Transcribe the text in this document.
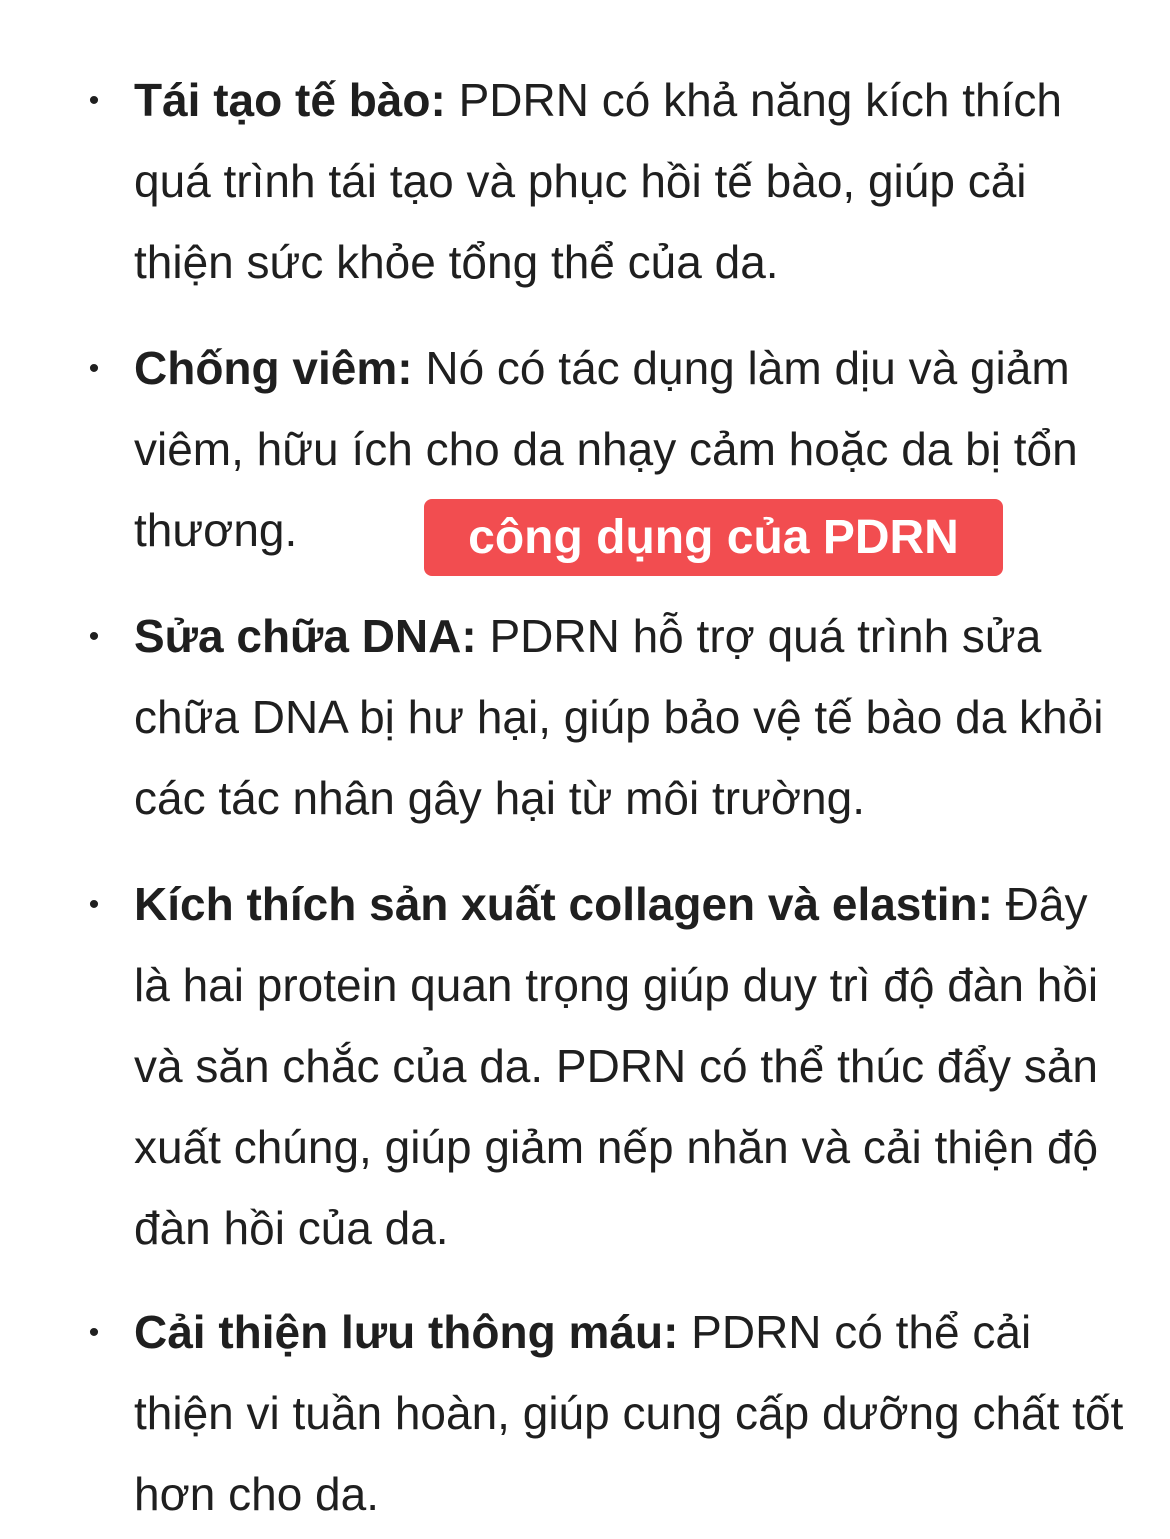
• Tái tạo tế bào: PDRN có khả năng kích thích quá trình tái tạo và phục hồi tế bào, giúp cải thiện sức khỏe tổng thể của da.
• Chống viêm: Nó có tác dụng làm dịu và giảm viêm, hữu ích cho da nhạy cảm hoặc da bị tổn thương.
• Sửa chữa DNA: PDRN hỗ trợ quá trình sửa chữa DNA bị hư hại, giúp bảo vệ tế bào da khỏi các tác nhân gây hại từ môi trường.
• Kích thích sản xuất collagen và elastin: Đây là hai protein quan trọng giúp duy trì độ đàn hồi và săn chắc của da. PDRN có thể thúc đẩy sản xuất chúng, giúp giảm nếp nhăn và cải thiện độ đàn hồi của da.
• Cải thiện lưu thông máu: PDRN có thể cải thiện vi tuần hoàn, giúp cung cấp dưỡng chất tốt hơn cho da.
công dụng của PDRN
